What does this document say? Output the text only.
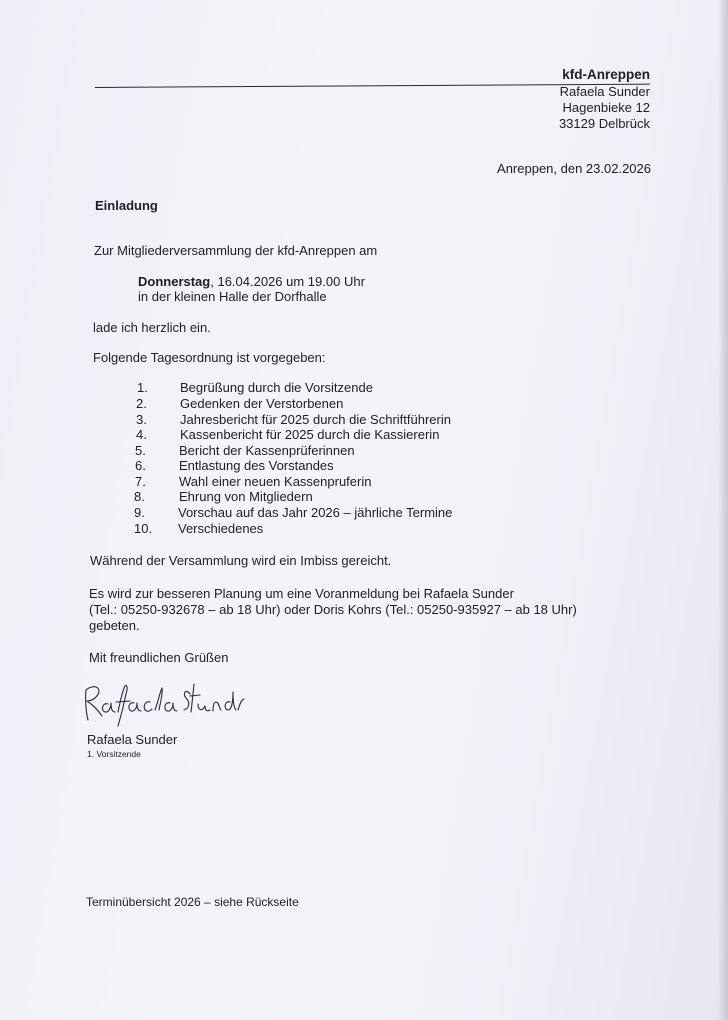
kfd-Anreppen
Rafaela Sunder
Hagenbieke 12
33129 Delbrück
Anreppen, den 23.02.2026
Einladung
Zur Mitgliederversammlung der kfd-Anreppen am
Donnerstag, 16.04.2026 um 19.00 Uhr
in der kleinen Halle der Dorfhalle
lade ich herzlich ein.
Folgende Tagesordnung ist vorgegeben:
1. Begrüßung durch die Vorsitzende
2.	Gedenken der Verstorbenen
3.	Jahresbericht für 2025 durch die Schriftführerin
4.	Kassenbericht für 2025 durch die Kassiererin
5.	Bericht der Kassenprüferinnen
6.	Entlastung des Vorstandes
7.	Wahl einer neuen Kassenpruferin
8.	Ehrung von Mitgliedern
9.	Vorschau auf das Jahr 2026 – jährliche Termine
10. Verschiedenes
Während der Versammlung wird ein Imbiss gereicht.
Es wird zur besseren Planung um eine Voranmeldung bei Rafaela Sunder
(Tel.: 05250-932678 – ab 18 Uhr) oder Doris Kohrs (Tel.: 05250-935927 – ab 18 Uhr)
gebeten.
Mit freundlichen Grüßen
Rafaela Sunder
1. Vorsitzende
Terminübersicht 2026 – siehe Rückseite
